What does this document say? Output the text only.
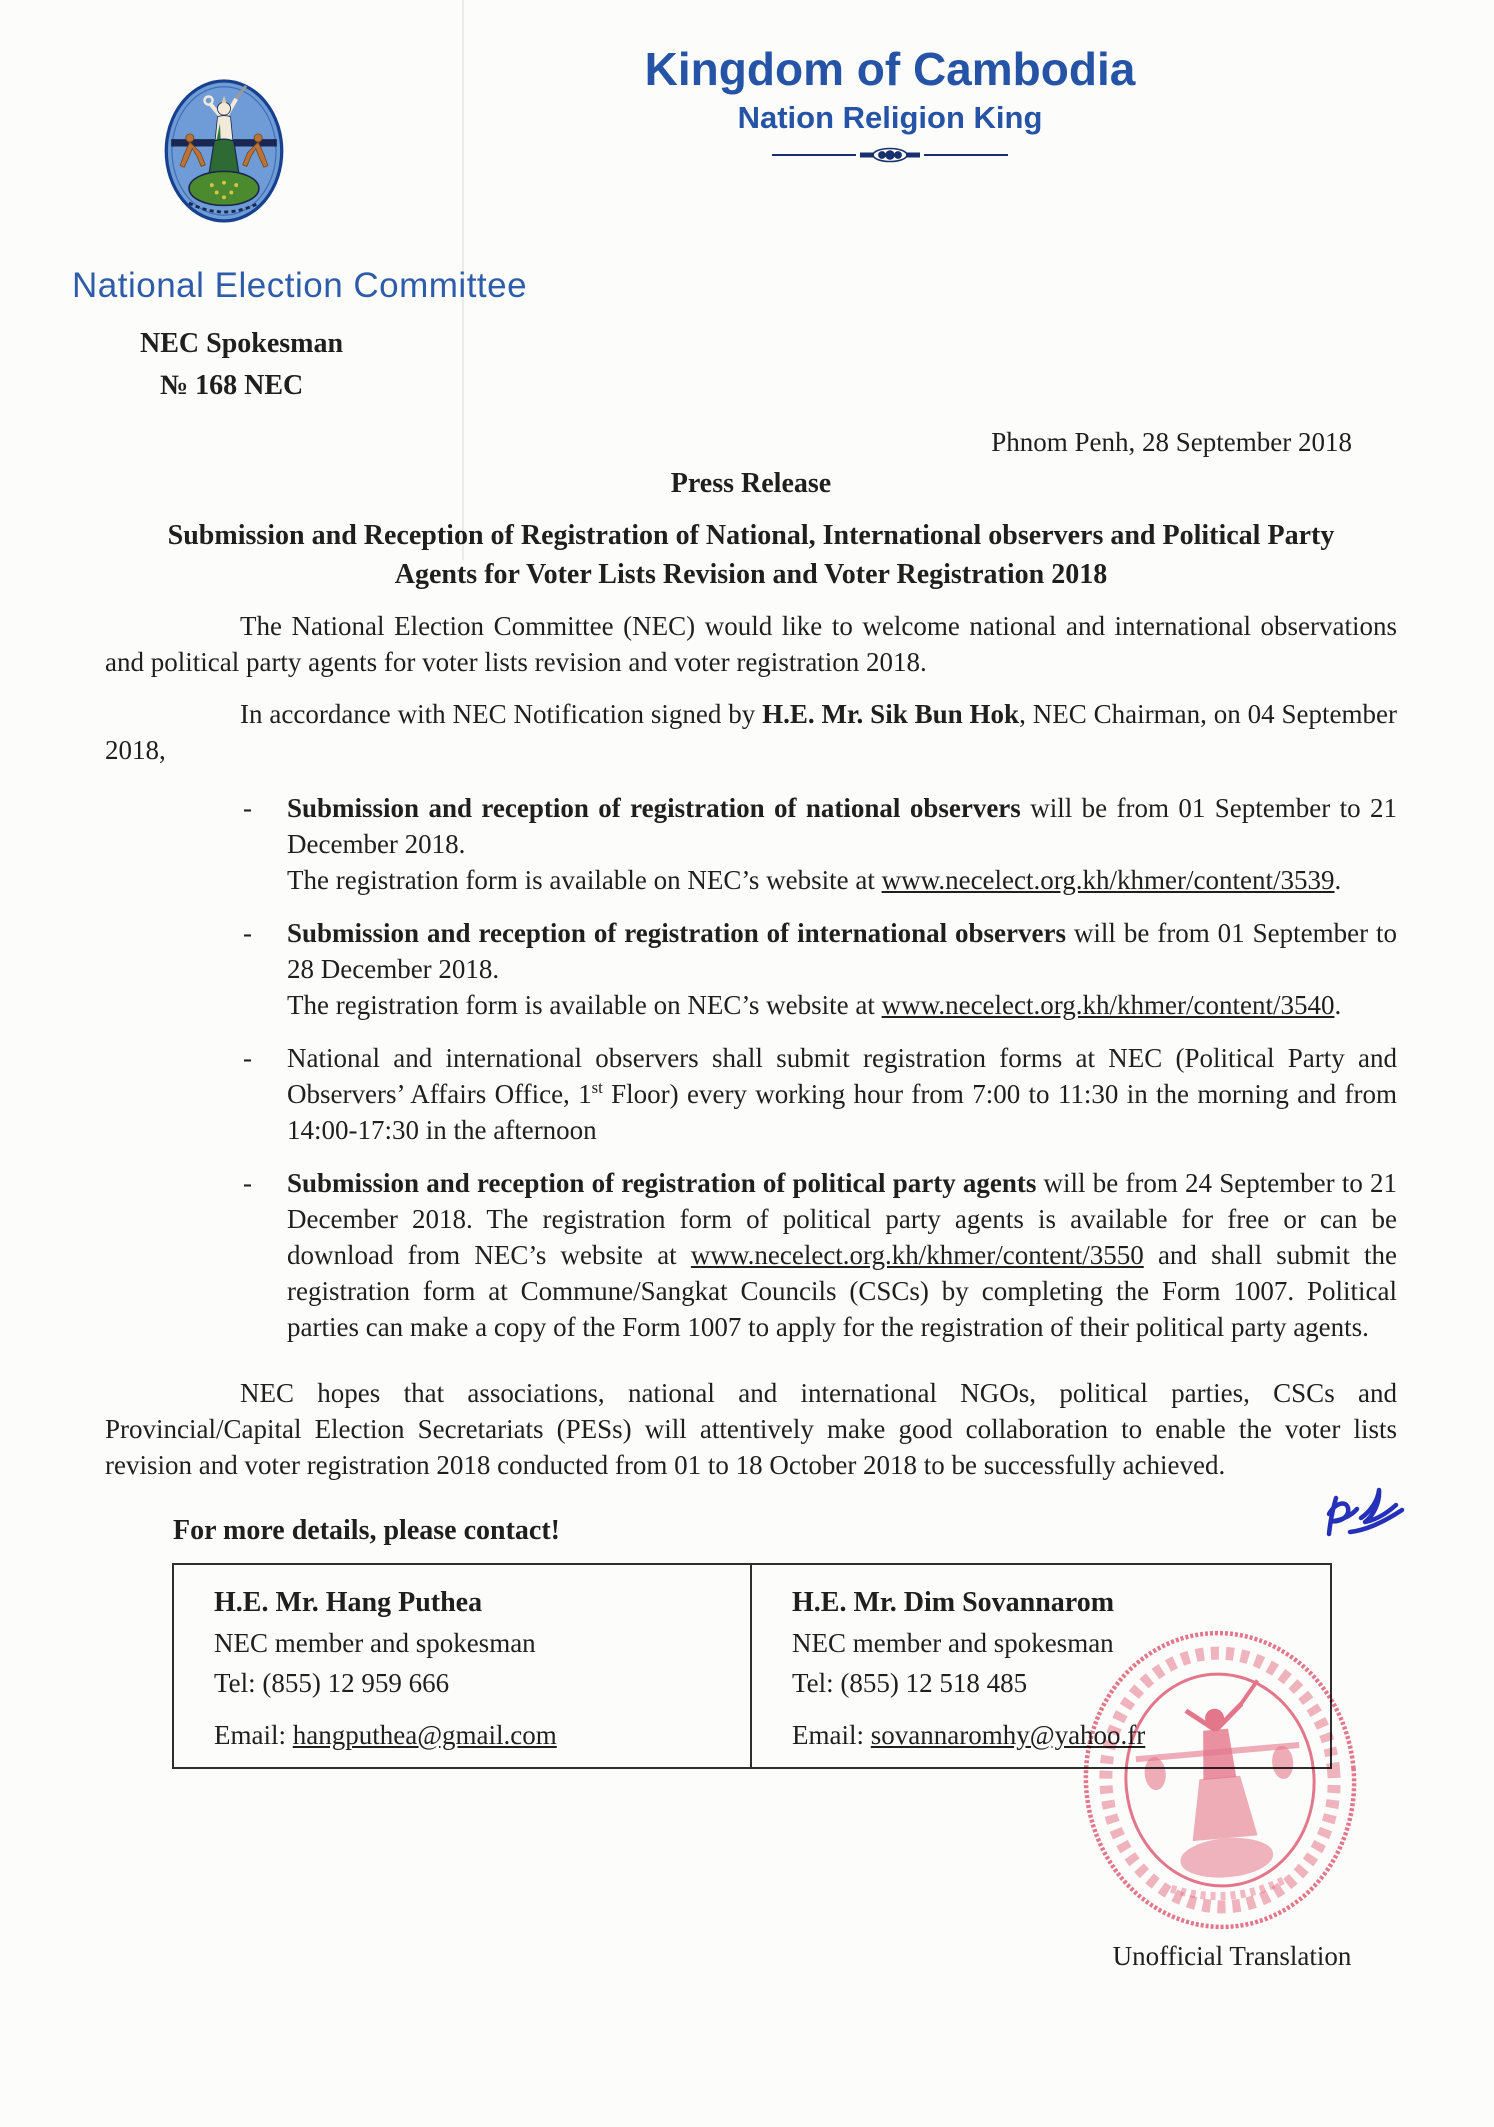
Kingdom of Cambodia
Nation Religion King
National Election Committee
NEC Spokesman
№ 168 NEC
Phnom Penh, 28 September 2018
Press Release
Submission and Reception of Registration of National, International observers and Political Party Agents for Voter Lists Revision and Voter Registration 2018

The National Election Committee (NEC) would like to welcome national and international observations and political party agents for voter lists revision and voter registration 2018.

In accordance with NEC Notification signed by H.E. Mr. Sik Bun Hok, NEC Chairman, on 04 September 2018,

-	Submission and reception of registration of national observers will be from 01 September to 21 December 2018.
The registration form is available on NEC’s website at www.necelect.org.kh/khmer/content/3539.
-	Submission and reception of registration of international observers will be from 01 September to 28 December 2018.
The registration form is available on NEC’s website at www.necelect.org.kh/khmer/content/3540.
-	National and international observers shall submit registration forms at NEC (Political Party and Observers’ Affairs Office, 1st Floor) every working hour from 7:00 to 11:30 in the morning and from 14:00-17:30 in the afternoon
-	Submission and reception of registration of political party agents will be from 24 September to 21 December 2018. The registration form of political party agents is available for free or can be download from NEC’s website at www.necelect.org.kh/khmer/content/3550 and shall submit the registration form at Commune/Sangkat Councils (CSCs) by completing the Form 1007. Political parties can make a copy of the Form 1007 to apply for the registration of their political party agents.

NEC hopes that associations, national and international NGOs, political parties, CSCs and Provincial/Capital Election Secretariats (PESs) will attentively make good collaboration to enable the voter lists revision and voter registration 2018 conducted from 01 to 18 October 2018 to be successfully achieved.

For more details, please contact!
H.E. Mr. Hang Puthea
NEC member and spokesman
Tel: (855) 12 959 666
Email: hangputhea@gmail.com
H.E. Mr. Dim Sovannarom
NEC member and spokesman
Tel: (855) 12 518 485
Email: sovannaromhy@yahoo.fr
Unofficial Translation
